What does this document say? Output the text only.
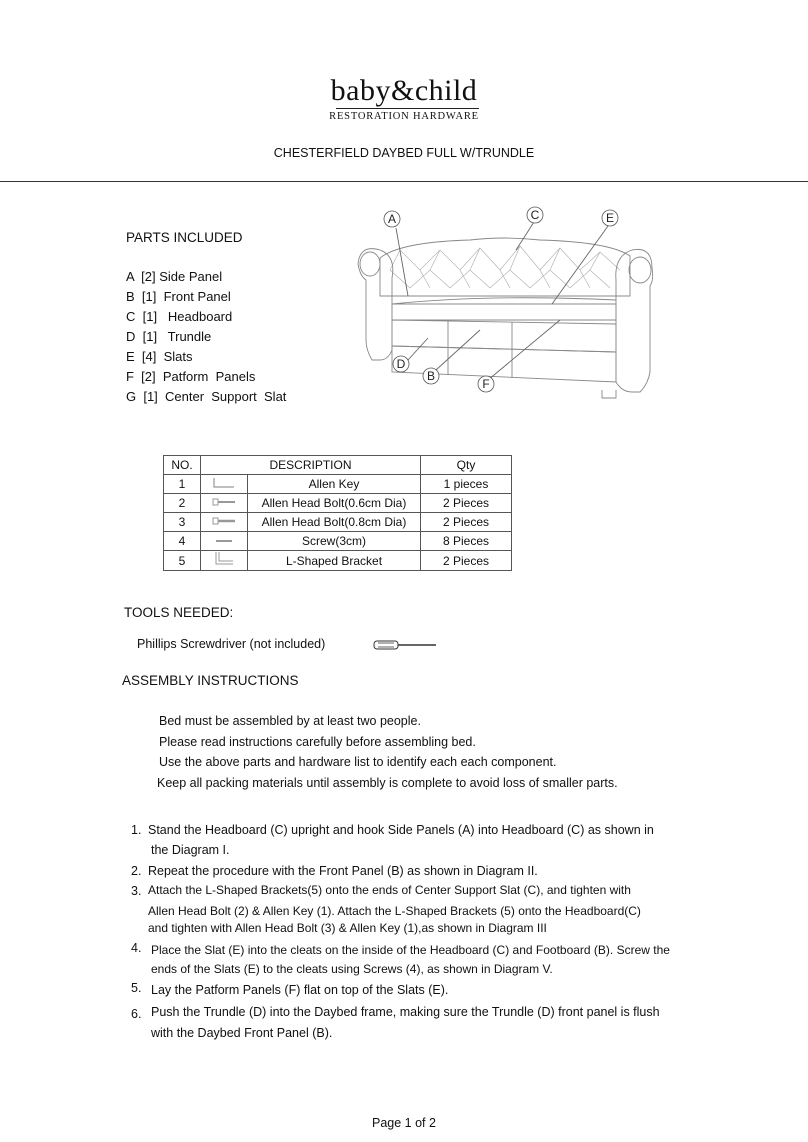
baby&child
RESTORATION HARDWARE
CHESTERFIELD DAYBED FULL W/TRUNDLE
PARTS INCLUDED
A  [2] Side Panel
B  [1]  Front Panel
C  [1]   Headboard
D  [1]   Trundle
E  [4]  Slats
F  [2]  Patform  Panels
G  [1]  Center  Support  Slat
A	C	E
D
B
F
NO.	DESCRIPTION		Qty
1		Allen Key	1 pieces
2		Allen Head Bolt(0.6cm Dia)	2 Pieces
3		Allen Head Bolt(0.8cm Dia)	2 Pieces
4		Screw(3cm)	8 Pieces
5		L-Shaped Bracket	2 Pieces
TOOLS NEEDED:
Phillips Screwdriver (not included)
ASSEMBLY INSTRUCTIONS
Bed must be assembled by at least two people.
Please read instructions carefully before assembling bed.
Use the above parts and hardware list to identify each each component.
Keep all packing materials until assembly is complete to avoid loss of smaller parts.
1. Stand the Headboard (C) upright and hook Side Panels (A) into Headboard (C) as shown in
the Diagram I.
2. Repeat the procedure with the Front Panel (B) as shown in Diagram II.
3. Attach the L-Shaped Brackets(5) onto the ends of Center Support Slat (C), and tighten with
Allen Head Bolt (2) & Allen Key (1). Attach the L-Shaped Brackets (5) onto the Headboard(C)
and tighten with Allen Head Bolt (3) & Allen Key (1),as shown in Diagram III
4. Place the Slat (E) into the cleats on the inside of the Headboard (C) and Footboard (B). Screw the
ends of the Slats (E) to the cleats using Screws (4), as shown in Diagram V.
5. Lay the Patform Panels (F) flat on top of the Slats (E).
6. Push the Trundle (D) into the Daybed frame, making sure the Trundle (D) front panel is flush
with the Daybed Front Panel (B).
Page 1 of 2
